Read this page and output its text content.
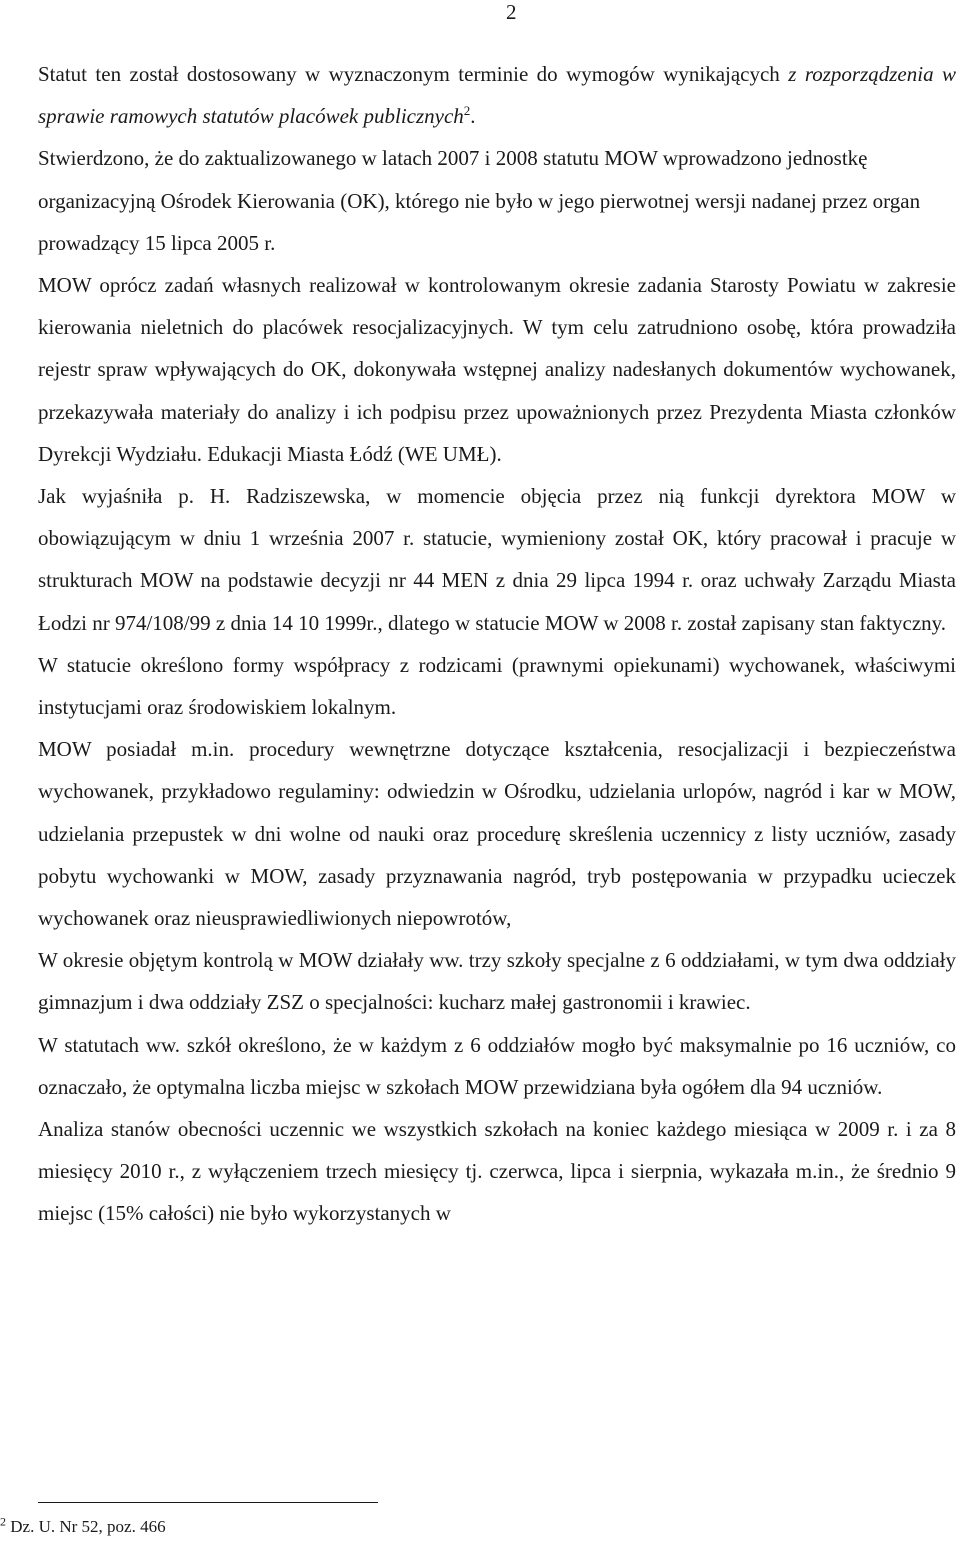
2

Statut ten został dostosowany w wyznaczonym terminie do wymogów wynikających z rozporządzenia w sprawie ramowych statutów placówek publicznych$^2$.

Stwierdzono, że do zaktualizowanego w latach 2007 i 2008 statutu MOW wprowadzono jednostkę organizacyjną Ośrodek Kierowania (OK), którego nie było w jego pierwotnej wersji nadanej przez organ prowadzący 15 lipca 2005 r.

MOW oprócz zadań własnych realizował w kontrolowanym okresie zadania Starosty Powiatu w zakresie kierowania nieletnich do placówek resocjalizacyjnych. W tym celu zatrudniono osobę, która prowadziła rejestr spraw wpływających do OK, dokonywała wstępnej analizy nadesłanych dokumentów wychowanek, przekazywała materiały do analizy i ich podpisu przez upoważnionych przez Prezydenta Miasta członków Dyrekcji Wydziału. Edukacji Miasta Łódź (WE UMŁ).

Jak wyjaśniła p. H. Radziszewska, w momencie objęcia przez nią funkcji dyrektora MOW w obowiązującym w dniu 1 września 2007 r. statucie, wymieniony został OK, który pracował i pracuje w strukturach MOW na podstawie decyzji nr 44 MEN z dnia 29 lipca 1994 r. oraz uchwały Zarządu Miasta Łodzi nr 974/108/99 z dnia 14 10 1999r., dlatego w statucie MOW w 2008 r. został zapisany stan faktyczny.

W statucie określono formy współpracy z rodzicami (prawnymi opiekunami) wychowanek, właściwymi instytucjami oraz środowiskiem lokalnym.

MOW posiadał m.in. procedury wewnętrzne dotyczące kształcenia, resocjalizacji i bezpieczeństwa wychowanek, przykładowo regulaminy: odwiedzin w Ośrodku, udzielania urlopów, nagród i kar w MOW, udzielania przepustek w dni wolne od nauki oraz procedurę skreślenia uczennicy z listy uczniów, zasady pobytu wychowanki w MOW, zasady przyznawania nagród, tryb postępowania w przypadku ucieczek wychowanek oraz nieusprawiedliwionych niepowrotów,

W okresie objętym kontrolą w MOW działały ww. trzy szkoły specjalne z 6 oddziałami, w tym dwa oddziały gimnazjum i dwa oddziały ZSZ o specjalności: kucharz małej gastronomii i krawiec.

W statutach ww. szkół określono, że w każdym z 6 oddziałów mogło być maksymalnie po 16 uczniów, co oznaczało, że optymalna liczba miejsc w szkołach MOW przewidziana była ogółem dla 94 uczniów.

Analiza stanów obecności uczennic we wszystkich szkołach na koniec każdego miesiąca w 2009 r. i za 8 miesięcy 2010 r., z wyłączeniem trzech miesięcy tj. czerwca, lipca i sierpnia, wykazała m.in., że średnio 9 miejsc (15% całości) nie było wykorzystanych w

$^2$ Dz. U. Nr 52, poz. 466
